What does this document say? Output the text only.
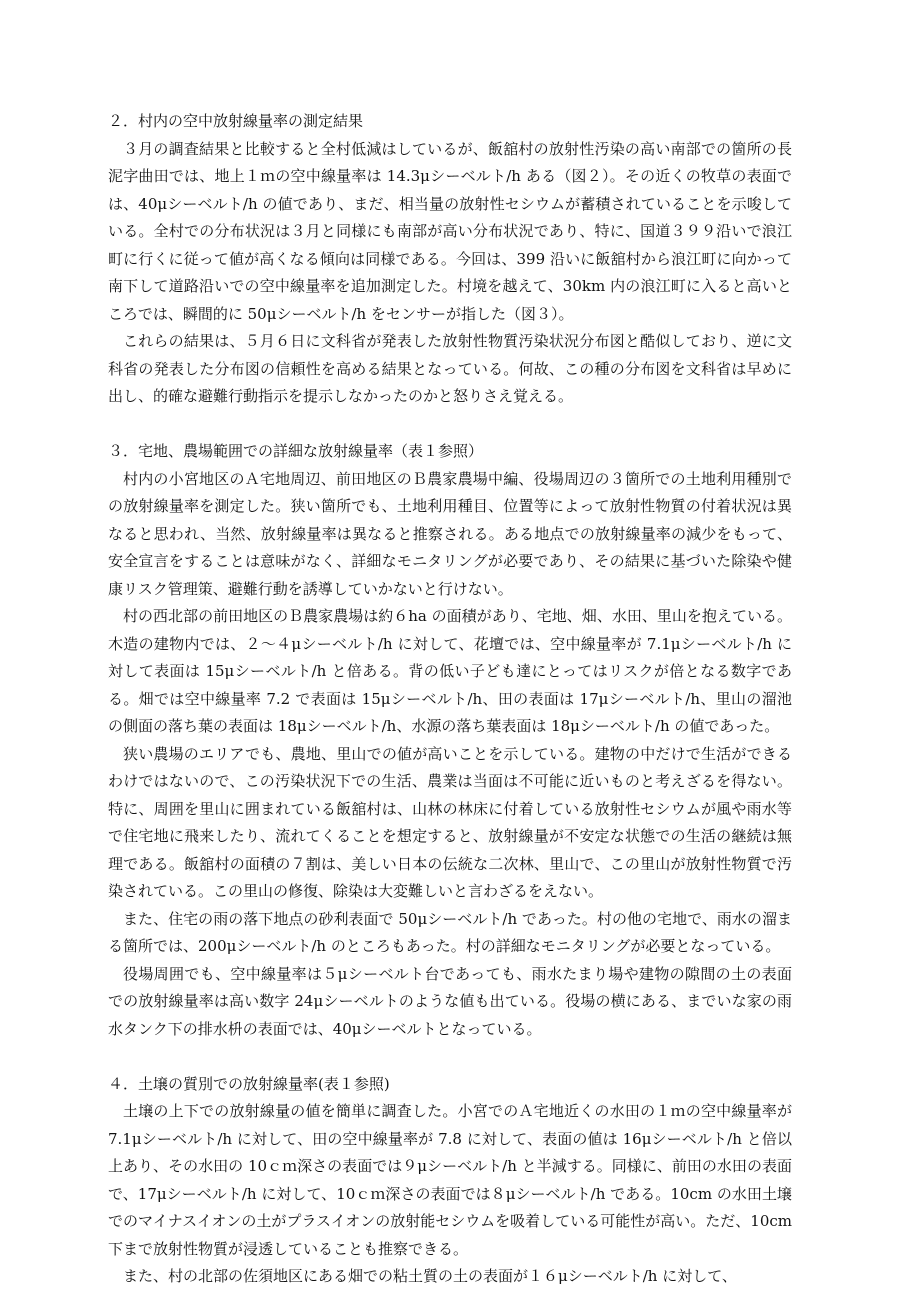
２．村内の空中放射線量率の測定結果

３月の調査結果と比較すると全村低減はしているが、飯舘村の放射性汚染の高い南部での箇所の長泥字曲田では、地上１ｍの空中線量率は 14.3μシーベルト/h ある（図２）。その近くの牧草の表面では、40μシーベルト/h の値であり、まだ、相当量の放射性セシウムが蓄積されていることを示唆している。全村での分布状況は３月と同様にも南部が高い分布状況であり、特に、国道３９９沿いで浪江町に行くに従って値が高くなる傾向は同様である。今回は、399 沿いに飯舘村から浪江町に向かって南下して道路沿いでの空中線量率を追加測定した。村境を越えて、30km 内の浪江町に入ると高いところでは、瞬間的に 50μシーベルト/h をセンサーが指した（図３）。

これらの結果は、５月６日に文科省が発表した放射性物質汚染状況分布図と酷似しており、逆に文科省の発表した分布図の信頼性を高める結果となっている。何故、この種の分布図を文科省は早めに出し、的確な避難行動指示を提示しなかったのかと怒りさえ覚える。

３．宅地、農場範囲での詳細な放射線量率（表１参照）

村内の小宮地区のＡ宅地周辺、前田地区のＢ農家農場中編、役場周辺の３箇所での土地利用種別での放射線量率を測定した。狭い箇所でも、土地利用種目、位置等によって放射性物質の付着状況は異なると思われ、当然、放射線量率は異なると推察される。ある地点での放射線量率の減少をもって、安全宣言をすることは意味がなく、詳細なモニタリングが必要であり、その結果に基づいた除染や健康リスク管理策、避難行動を誘導していかないと行けない。

村の西北部の前田地区のＢ農家農場は約６ha の面積があり、宅地、畑、水田、里山を抱えている。木造の建物内では、２～４μシーベルト/h に対して、花壇では、空中線量率が 7.1μシーベルト/h に対して表面は 15μシーベルト/h と倍ある。背の低い子ども達にとってはリスクが倍となる数字である。畑では空中線量率 7.2 で表面は 15μシーベルト/h、田の表面は 17μシーベルト/h、里山の溜池の側面の落ち葉の表面は 18μシーベルト/h、水源の落ち葉表面は 18μシーベルト/h の値であった。

狭い農場のエリアでも、農地、里山での値が高いことを示している。建物の中だけで生活ができるわけではないので、この汚染状況下での生活、農業は当面は不可能に近いものと考えざるを得ない。特に、周囲を里山に囲まれている飯舘村は、山林の林床に付着している放射性セシウムが風や雨水等で住宅地に飛来したり、流れてくることを想定すると、放射線量が不安定な状態での生活の継続は無理である。飯舘村の面積の７割は、美しい日本の伝統な二次林、里山で、この里山が放射性物質で汚染されている。この里山の修復、除染は大変難しいと言わざるをえない。

また、住宅の雨の落下地点の砂利表面で 50μシーベルト/h であった。村の他の宅地で、雨水の溜まる箇所では、200μシーベルト/h のところもあった。村の詳細なモニタリングが必要となっている。

役場周囲でも、空中線量率は５μシーベルト台であっても、雨水たまり場や建物の隙間の土の表面での放射線量率は高い数字 24μシーベルトのような値も出ている。役場の横にある、までいな家の雨水タンク下の排水枡の表面では、40μシーベルトとなっている。

４．土壌の質別での放射線量率(表１参照)

土壌の上下での放射線量の値を簡単に調査した。小宮でのＡ宅地近くの水田の１ｍの空中線量率が 7.1μシーベルト/h に対して、田の空中線量率が 7.8 に対して、表面の値は 16μシーベルト/h と倍以上あり、その水田の 10ｃｍ深さの表面では９μシーベルト/h と半減する。同様に、前田の水田の表面で、17μシーベルト/h に対して、10ｃｍ深さの表面では８μシーベルト/h である。10cm の水田土壌でのマイナスイオンの土がプラスイオンの放射能セシウムを吸着している可能性が高い。ただ、10cm 下まで放射性物質が浸透していることも推察できる。

また、村の北部の佐須地区にある畑での粘土質の土の表面が１６μシーベルト/h に対して、
